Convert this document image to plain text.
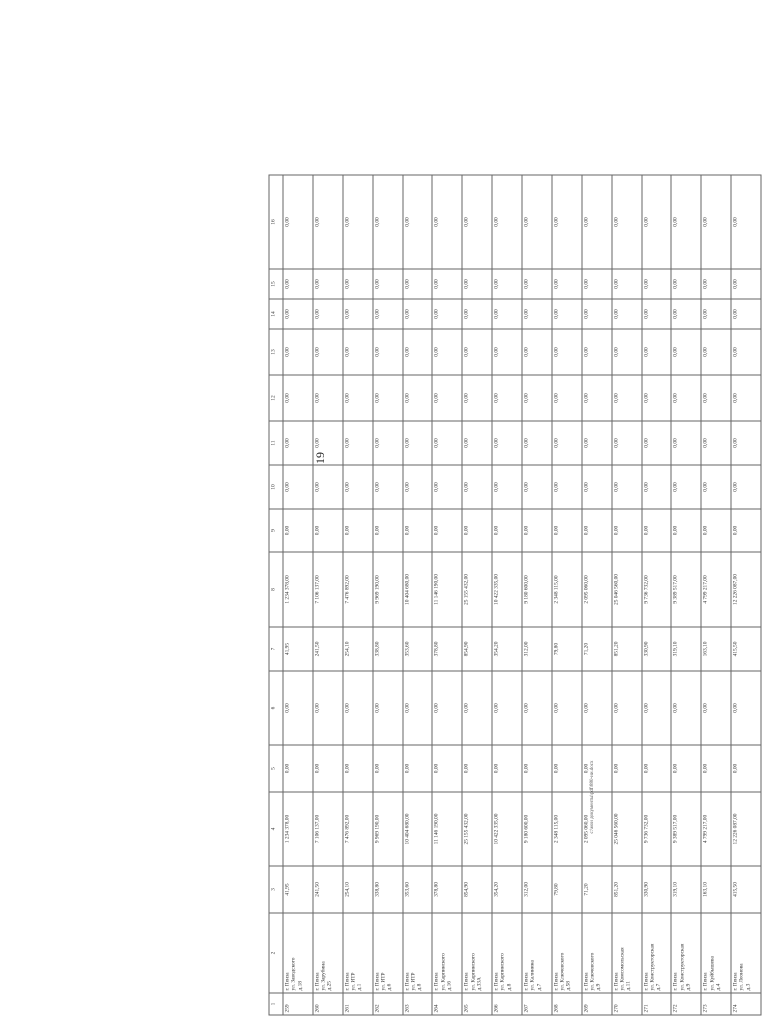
19
1	2	3	4	5	6	7	8	9	10	11	12	13	14	15	16
259	г. Пенза
ул. Заводского
д.18	41,95	1 234 378,00	0,00	0,00	41,95	1 234 378,00	0,00	0,00	0,00	0,00	0,00	0,00	0,00	0,00
260	г. Пенза
ул. Зарубина
д.25	241,50	7 106 137,00	0,00	0,00	241,50	7 106 137,00	0,00	0,00	0,00	0,00	0,00	0,00	0,00	0,00
261	г. Пенза
ул. ИТР
д.1	254,10	7 476 892,00	0,00	0,00	254,10	7 476 892,00	0,00	0,00	0,00	0,00	0,00	0,00	0,00	0,00
262	г. Пенза
ул. ИТР
д.6	338,80	9 969 190,00	0,00	0,00	338,80	9 969 190,00	0,00	0,00	0,00	0,00	0,00	0,00	0,00	0,00
263	г. Пенза
ул. ИТР
д.8	353,60	10 404 680,00	0,00	0,00	353,60	10 404 680,00	0,00	0,00	0,00	0,00	0,00	0,00	0,00	0,00
264	г. Пенза
ул. Карпинского
д.16	378,80	11 146 190,00	0,00	0,00	378,80	11 146 190,00	0,00	0,00	0,00	0,00	0,00	0,00	0,00	0,00
265	г. Пенза
ул. Карпинского
д.33А	854,90	25 155 432,00	0,00	0,00	854,90	25 155 432,00	0,00	0,00	0,00	0,00	0,00	0,00	0,00	0,00
266	г. Пенза
ул. Карпинского
д.8	354,20	10 422 335,00	0,00	0,00	354,20	10 422 335,00	0,00	0,00	0,00	0,00	0,00	0,00	0,00	0,00
267	г. Пенза
ул. Калинина
д.7	312,00	9 180 600,00	0,00	0,00	312,00	9 180 600,00	0,00	0,00	0,00	0,00	0,00	0,00	0,00	0,00
268	г. Пенза
ул. Ключевского
д.58	79,80	2 348 115,00	0,00	0,00	79,80	2 348 115,00	0,00	0,00	0,00	0,00	0,00	0,00	0,00	0,00
269	г. Пенза
ул. Ключевского
д.9	71,20	2 095 060,00	0,00	0,00	71,20	2 095 060,00	0,00	0,00	0,00	0,00	0,00	0,00	0,00	0,00
270	г. Пенза
ул. Комсомольская
д.11	851,20	25 046 560,00	0,00	0,00	851,20	25 046 560,00	0,00	0,00	0,00	0,00	0,00	0,00	0,00	0,00
271	г. Пенза
ул. Конструкторская
д.7	330,90	9 736 732,00	0,00	0,00	330,90	9 736 732,00	0,00	0,00	0,00	0,00	0,00	0,00	0,00	0,00
272	г. Пенза
ул. Конструкторская
д.9	319,10	9 389 517,00	0,00	0,00	319,10	9 389 517,00	0,00	0,00	0,00	0,00	0,00	0,00	0,00	0,00
273	г. Пенза
ул. Куйбышева
д.4	163,10	4 799 217,00	0,00	0,00	163,10	4 799 217,00	0,00	0,00	0,00	0,00	0,00	0,00	0,00	0,00
274	г. Пенза
ул. Леонова
д.3	415,50	12 226 087,00	0,00	0,00	415,50	12 226 087,00	0,00	0,00	0,00	0,00	0,00	0,00	0,00	0,00
c:\мои документы\pdf\880-ии.docx
